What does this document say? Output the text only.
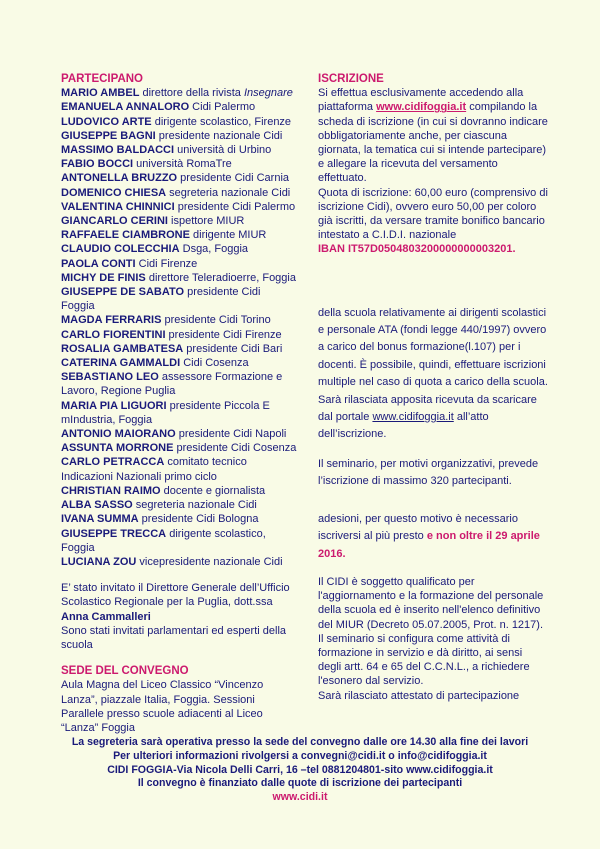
PARTECIPANO
MARIO AMBEL direttore della rivista Insegnare
EMANUELA ANNALORO Cidi Palermo
LUDOVICO ARTE dirigente scolastico, Firenze
GIUSEPPE BAGNI presidente nazionale Cidi
MASSIMO BALDACCI università di Urbino
FABIO BOCCI università RomaTre
ANTONELLA BRUZZO presidente Cidi Carnia
DOMENICO CHIESA segreteria nazionale Cidi
VALENTINA CHINNICI presidente Cidi Palermo
GIANCARLO CERINI ispettore MIUR
RAFFAELE CIAMBRONE dirigente MIUR
CLAUDIO COLECCHIA Dsga, Foggia
PAOLA CONTI Cidi Firenze
MICHY DE FINIS direttore Teleradioerre, Foggia
GIUSEPPE DE SABATO presidente Cidi Foggia
MAGDA FERRARIS presidente Cidi Torino
CARLO FIORENTINI presidente Cidi Firenze
ROSALIA GAMBATESA presidente Cidi Bari
CATERINA GAMMALDI Cidi Cosenza
SEBASTIANO LEO assessore Formazione e Lavoro, Regione Puglia
MARIA PIA LIGUORI presidente Piccola E mIndustria, Foggia
ANTONIO MAIORANO presidente Cidi Napoli
ASSUNTA MORRONE presidente Cidi Cosenza
CARLO PETRACCA comitato tecnico Indicazioni Nazionali primo ciclo
CHRISTIAN RAIMO docente e giornalista
ALBA SASSO segreteria nazionale Cidi
IVANA SUMMA presidente Cidi Bologna
GIUSEPPE TRECCA dirigente scolastico, Foggia
LUCIANA ZOU vicepresidente nazionale Cidi

E’ stato invitato il Direttore Generale dell’Ufficio Scolastico Regionale per la Puglia, dott.ssa Anna Cammalleri

Sono stati invitati parlamentari ed esperti della scuola

SEDE DEL CONVEGNO

Aula Magna del Liceo Classico “Vincenzo Lanza”, piazzale Italia, Foggia. Sessioni Parallele presso scuole adiacenti al Liceo “Lanza” Foggia

ISCRIZIONE

Si effettua esclusivamente accedendo alla piattaforma www.cidifoggia.it compilando la scheda di iscrizione (in cui si dovranno indicare obbligatoriamente anche, per ciascuna giornata, la tematica cui si intende partecipare) e allegare la ricevuta del versamento effettuato.

Quota di iscrizione: 60,00 euro (comprensivo di iscrizione Cidi), ovvero euro 50,00 per coloro già iscritti, da versare tramite bonifico bancario intestato a C.I.D.I. nazionale

IBAN IT57D0504803200000000003201.

della scuola relativamente ai dirigenti scolastici e personale ATA (fondi legge 440/1997) ovvero a carico del bonus formazione(l.107) per i docenti. È possibile, quindi, effettuare iscrizioni multiple nel caso di quota a carico della scuola. Sarà rilasciata apposita ricevuta da scaricare dal portale www.cidifoggia.it all’atto dell’iscrizione.

Il seminario, per motivi organizzativi, prevede l’iscrizione di massimo 320 partecipanti.

adesioni, per questo motivo è necessario iscriversi al più presto e non oltre il 29 aprile 2016.

Il CIDI è soggetto qualificato per l'aggiornamento e la formazione del personale della scuola ed è inserito nell'elenco definitivo del MIUR (Decreto 05.07.2005, Prot. n. 1217). Il seminario si configura come attività di formazione in servizio e dà diritto, ai sensi degli artt. 64 e 65 del C.C.N.L., a richiedere l'esonero dal servizio.

Sarà rilasciato attestato di partecipazione

La segreteria sarà operativa presso la sede del convegno dalle ore 14.30 alla fine dei lavori
Per ulteriori informazioni rivolgersi a convegni@cidi.it o info@cidifoggia.it
CIDI FOGGIA-Via Nicola Delli Carri, 16 –tel 0881204801-sito www.cidifoggia.it
Il convegno è finanziato dalle quote di iscrizione dei partecipanti
www.cidi.it
